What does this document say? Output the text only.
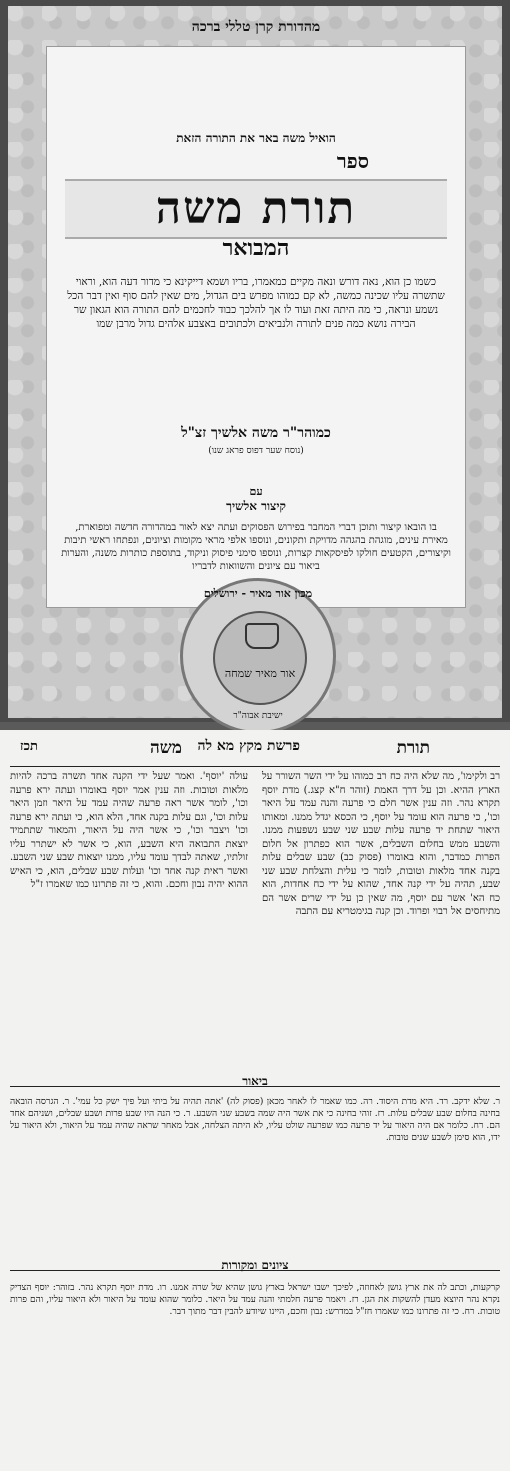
מהדורת קרן טללי ברכה
הואיל משה באר את התורה הזאת
ספר
תורת משה
המבואר
כשמו כן הוא, נאה דורש ונאה מקיים כמאמרו, בריו ושמא דייקינא כי מדור דעה הוא, וראוי שתשרה עליו שכינה כמשה, לא קם כמוהו מפרש בים הגדול, מים שאין להם סוף ואין דבר הכל נשמע ונראה, כי מה היתה זאת ועוד לו אך להלכך כבוד לחכמים להם התורה הוא הגאון שר הבירה נושא כמה פנים לתורה ולנביאים ולכתובים באצבע אלהים גדול מרבן שמו
כמוהר"ר משה אלשיך זצ"ל
(נוסח שער דפוס פראג שנו)
עם
קיצור אלשיך
בו הובאו קיצור ותוכן דברי המחבר בפירוש הפסוקים ועתה יצא לאור במהדורה חדשה ומפוארת, מאירת עינים, מוגהת בהגהה מדויקת ותקונים, ונוספו אלפי מראי מקומות וציונים, ונפתחו ראשי תיבות וקיצורים, הקטעים חולקו לפיסקאות קצרות, ונוספו סימני פיסוק וניקוד, בתוספת כותרות משנה, והערות ביאור עם ציונים והשוואות לדבריו
מכון אור מאיר - ירושלים
אור מאיר שמחה
ישיבת אבוה"ר
תורת
פרשת מקץ מא לה
משה
תכז
רב ולקימו', מה שלא היה כח רב כמוהו על ידי השר השורר על הארץ ההיא. וכן על דרך האמת (זוהר ח"א קצג.) מדת יוסף תקרא נהר. וזה ענין אשר חלם כי פרעה והנה עמד על היאר וכו', כי פרעה הוא עומד על יוסף, כי הכסא יגדל ממנו. ומאותו היאור שתחת יד פרעה עלות שבע שני שבע נשפעות ממנו. והשבע ממש בחלום השבלים, אשר הוא כפתרון אל חלום הפרות כמדבר, והוא באומרו (פסוק כב) שבע שבלים עלות בקנה אחד מלאות וטובות, לומר כי עלית והצלחת שבע שני שבע, תהיה על ידי קנה אחד, שהוא על ידי כח אחדות, הוא כח הא' אשר עם יוסף, מה שאין כן על ידי שרים אשר הם מתיחסים אל רבוי ופרוד. וכן קנה בגימטריא עם התבה
עולה 'יוסף'. ואמר שעל ידי הקנה אחד תשרה ברכה להיות מלאות וטובות. וזה ענין אמר יוסף באומרו ועתה ירא פרעה וכו', לומר אשר ראה פרעה שהיה עמד על היאר וזמן היאר עלות וכו', וגם עלות בקנה אחד, הלא הוא, כי ועתה ירא פרעה וכו' ויצבר וכו', כי אשר היה על היאור, והמאור שתתמיד יוצאת התבואה היא השבע, הוא, כי אשר לא ישתרר עליו זולתיו, שאתה לבדך עומד עליו, ממנו יוצאות שבע שני השבע. ואשר ראית קנה אחד וכו' ועלות שבע שבלים, הוא, כי האיש ההוא יהיה נבון וחכם. והוא, כי זה פתרונו כמו שאמרו ז"ל
ביאור
ר. שלא ידקב. רד. היא מדת היסוד. רה. כמו שאמר לו לאחר מכאן (פסוק לה) 'אתה תהיה על ביתי ועל פיך ישק כל עמי'. ר. הגרסה הובאה בחינה בחלום שבע שבלים עלות. רז. זוהי בחינה כי את אשר היה שמה בשבע שני השבע. ר. כי הנה היו שבע פרות ושבע שבלים, ושניהם אחד הם. רח. כלומר אם היה היאור על יד פרעה כמו שפרעה שולט עליו, לא היתה הצלחה, אבל מאחר שראה שהיה עמד על היאור, ולא היאור על ידו, הוא סימן לשבע שנים טובות.
ציונים ומקורות
קרקעות, וכתב לה את ארץ גושן לאחוזה, לפיכך ישבו ישראל בארץ גושן שהיא של שרה אמנו. רו. מדת יוסף תקרא נהר. בזוהר: יוסף הצדיק נקרא נהר היוצא מעדן להשקות את הגן. רז. ויאמר פרעה חלמתי והנה עמד על היאר. כלומר שהוא עומד על היאור ולא היאור עליו, והם פרות טובות. רח. כי זה פתרונו כמו שאמרו חז"ל במדרש: נבון וחכם, היינו שיודע להבין דבר מתוך דבר.
